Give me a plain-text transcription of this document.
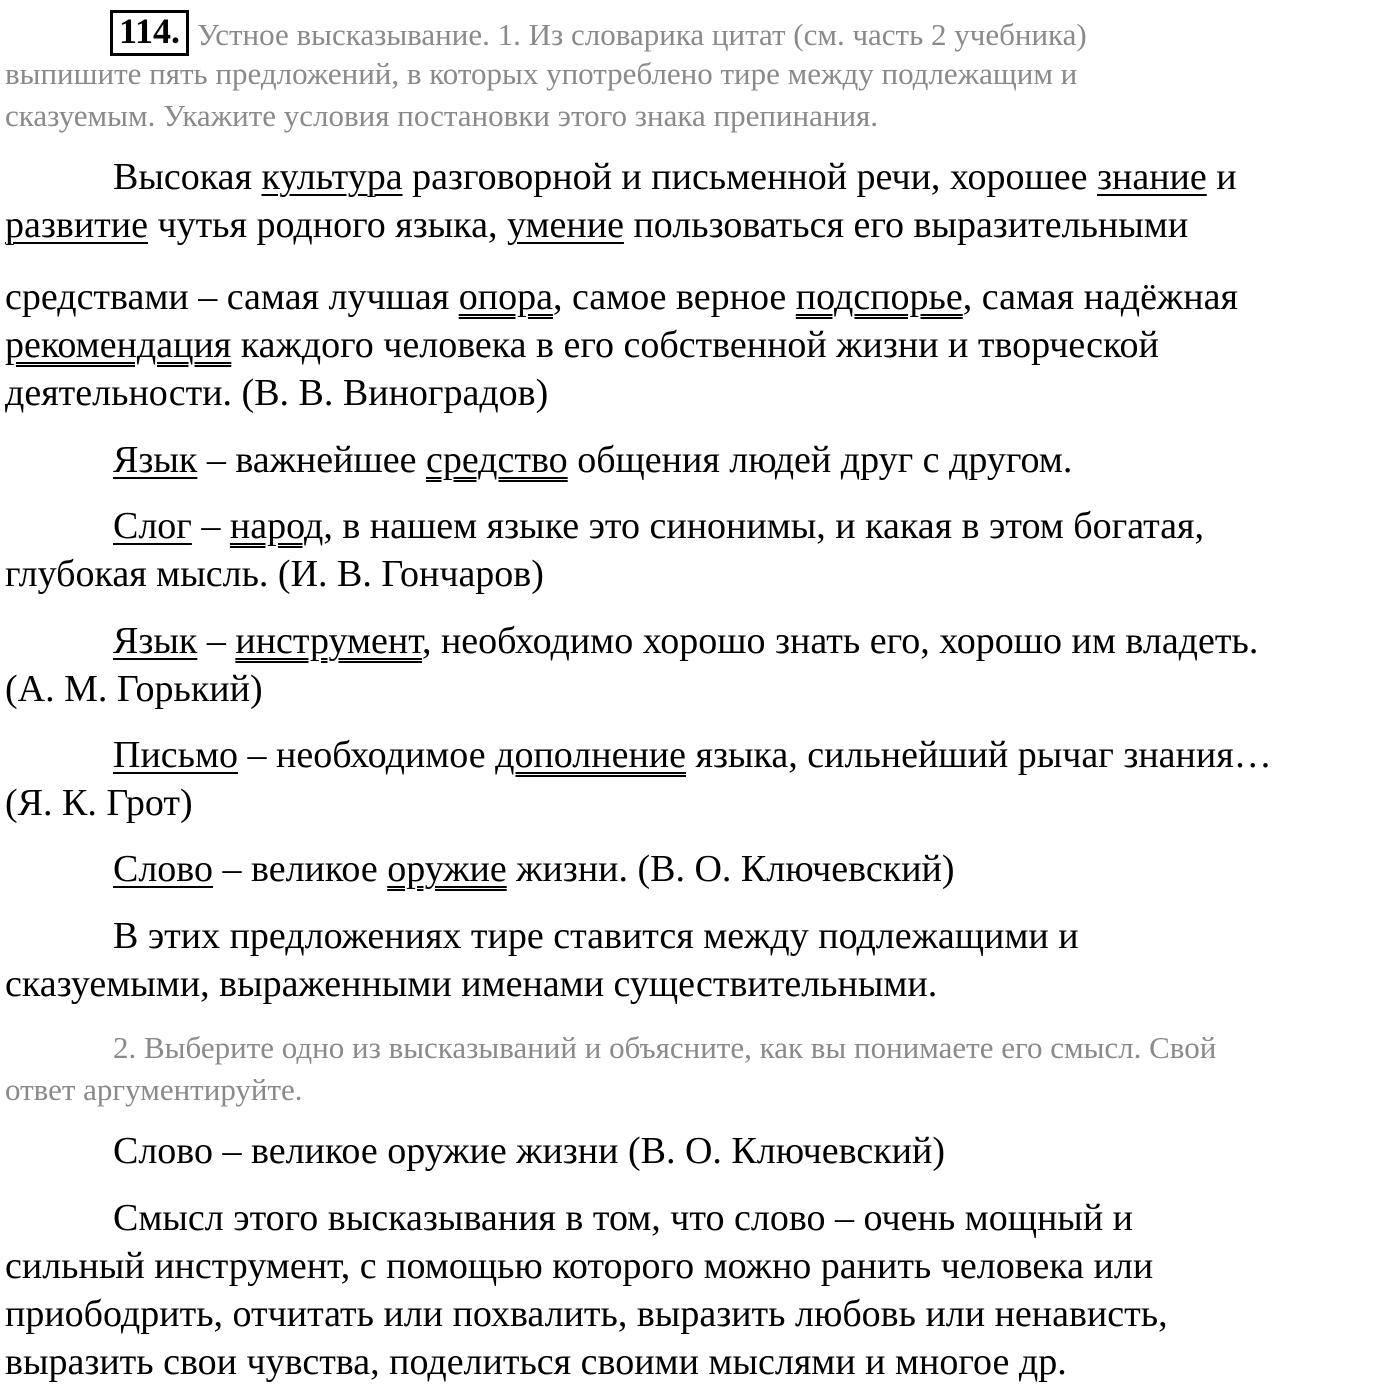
114. Устное высказывание. 1. Из словарика цитат (см. часть 2 учебника)
выпишите пять предложений, в которых употреблено тире между подлежащим и
сказуемым. Укажите условия постановки этого знака препинания.
Высокая культура разговорной и письменной речи, хорошее знание и
развитие чутья родного языка, умение пользоваться его выразительными
средствами – самая лучшая опора, самое верное подспорье, самая надёжная
рекомендация каждого человека в его собственной жизни и творческой
деятельности. (В. В. Виноградов)
Язык – важнейшее средство общения людей друг с другом.
Слог – народ, в нашем языке это синонимы, и какая в этом богатая,
глубокая мысль. (И. В. Гончаров)
Язык – инструмент, необходимо хорошо знать его, хорошо им владеть.
(А. М. Горький)
Письмо – необходимое дополнение языка, сильнейший рычаг знания…
(Я. К. Грот)
Слово – великое оружие жизни. (В. О. Ключевский)
В этих предложениях тире ставится между подлежащими и
сказуемыми, выраженными именами существительными.
2. Выберите одно из высказываний и объясните, как вы понимаете его смысл. Свой
ответ аргументируйте.
Слово – великое оружие жизни (В. О. Ключевский)
Смысл этого высказывания в том, что слово – очень мощный и
сильный инструмент, с помощью которого можно ранить человека или
приободрить, отчитать или похвалить, выразить любовь или ненависть,
выразить свои чувства, поделиться своими мыслями и многое др.
